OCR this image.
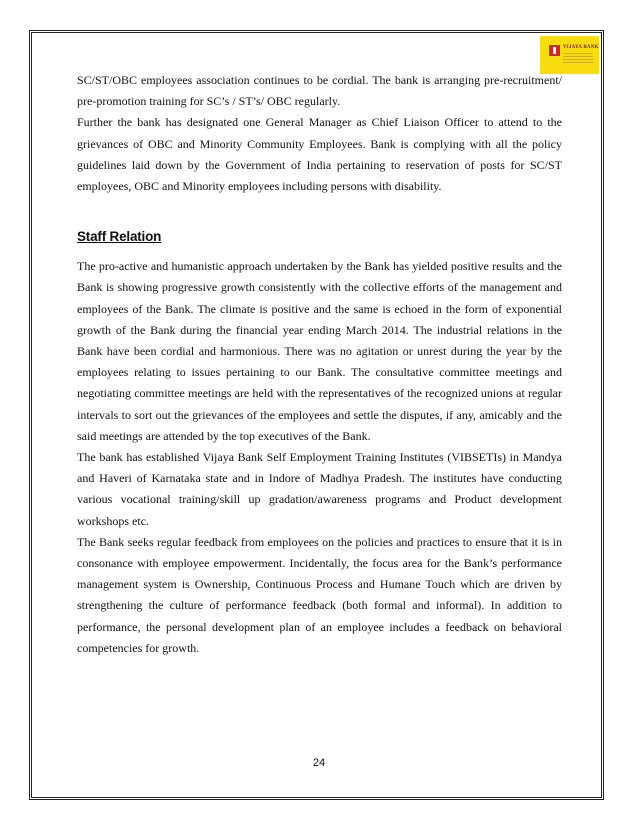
VIJAYA BANK

SC/ST/OBC employees association continues to be cordial. The bank is arranging pre-recruitment/ pre-promotion training for SC’s / ST’s/ OBC regularly.

Further the bank has designated one General Manager as Chief Liaison Officer to attend to the grievances of OBC and Minority Community Employees. Bank is complying with all the policy guidelines laid down by the Government of India pertaining to reservation of posts for SC/ST employees, OBC and Minority employees including persons with disability.

Staff Relation

The pro-active and humanistic approach undertaken by the Bank has yielded positive results and the Bank is showing progressive growth consistently with the collective efforts of the management and employees of the Bank. The climate is positive and the same is echoed in the form of exponential growth of the Bank during the financial year ending March 2014. The industrial relations in the Bank have been cordial and harmonious. There was no agitation or unrest during the year by the employees relating to issues pertaining to our Bank. The consultative committee meetings and negotiating committee meetings are held with the representatives of the recognized unions at regular intervals to sort out the grievances of the employees and settle the disputes, if any, amicably and the said meetings are attended by the top executives of the Bank.

The bank has established Vijaya Bank Self Employment Training Institutes (VIBSETIs) in Mandya and Haveri of Karnataka state and in Indore of Madhya Pradesh. The institutes have conducting various vocational training/skill up gradation/awareness programs and Product development workshops etc.

The Bank seeks regular feedback from employees on the policies and practices to ensure that it is in consonance with employee empowerment. Incidentally, the focus area for the Bank’s performance management system is Ownership, Continuous Process and Humane Touch which are driven by strengthening the culture of performance feedback (both formal and informal). In addition to performance, the personal development plan of an employee includes a feedback on behavioral competencies for growth.

24
